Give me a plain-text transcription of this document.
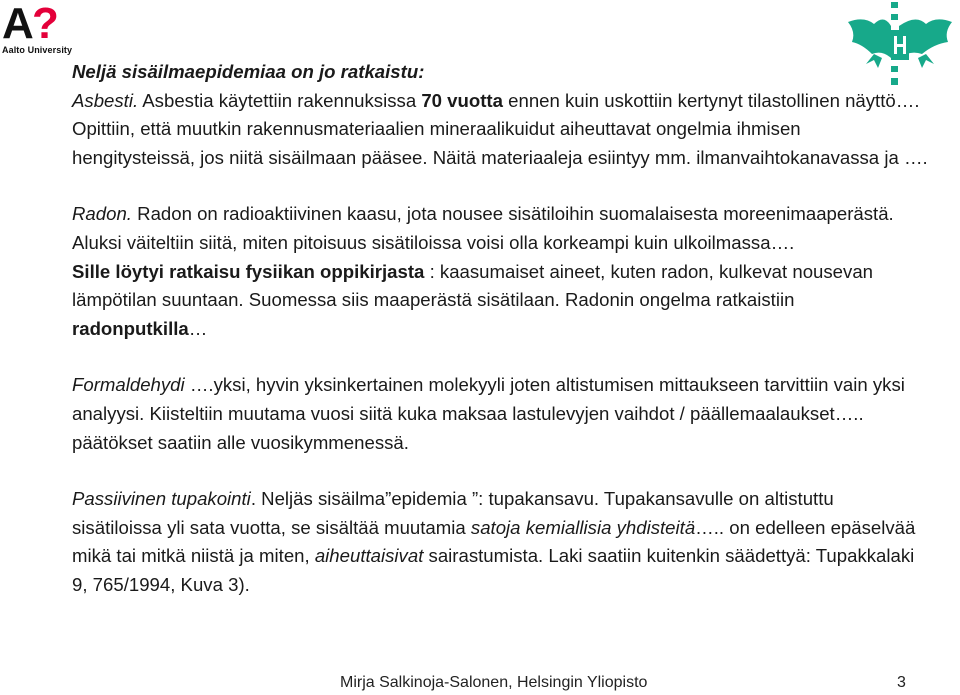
A
?
Aalto University

Neljä sisäilmaepidemiaa on jo ratkaistu:
Asbesti. Asbestia käytettiin rakennuksissa 70 vuotta ennen kuin uskottiin kertynyt tilastollinen näyttö…. Opittiin, että muutkin rakennusmateriaalien mineraalikuidut aiheuttavat ongelmia ihmisen hengitysteissä, jos niitä sisäilmaan pääsee. Näitä materiaaleja esiintyy mm. ilmanvaihtokanavassa ja ….

Radon. Radon on radioaktiivinen kaasu, jota nousee sisätiloihin suomalaisesta moreenimaaperästä. Aluksi väiteltiin siitä, miten pitoisuus sisätiloissa voisi olla korkeampi kuin ulkoilmassa….
Sille löytyi ratkaisu fysiikan oppikirjasta : kaasumaiset aineet, kuten radon, kulkevat nousevan lämpötilan suuntaan. Suomessa siis maaperästä sisätilaan. Radonin ongelma ratkaistiin radonputkilla…

Formaldehydi ….yksi, hyvin yksinkertainen molekyyli joten altistumisen mittaukseen tarvittiin vain yksi analyysi. Kiisteltiin muutama vuosi siitä kuka maksaa lastulevyjen vaihdot / päällemaalaukset….. päätökset saatiin alle vuosikymmenessä.

Passiivinen tupakointi. Neljäs sisäilma”epidemia ”: tupakansavu. Tupakansavulle on altistuttu sisätiloissa yli sata vuotta, se sisältää muutamia satoja kemiallisia yhdisteitä….. on edelleen epäselvää mikä tai mitkä niistä ja miten, aiheuttaisivat sairastumista. Laki saatiin kuitenkin säädettyä: Tupakkalaki 9, 765/1994, Kuva 3).

Mirja Salkinoja-Salonen, Helsingin Yliopisto	3
